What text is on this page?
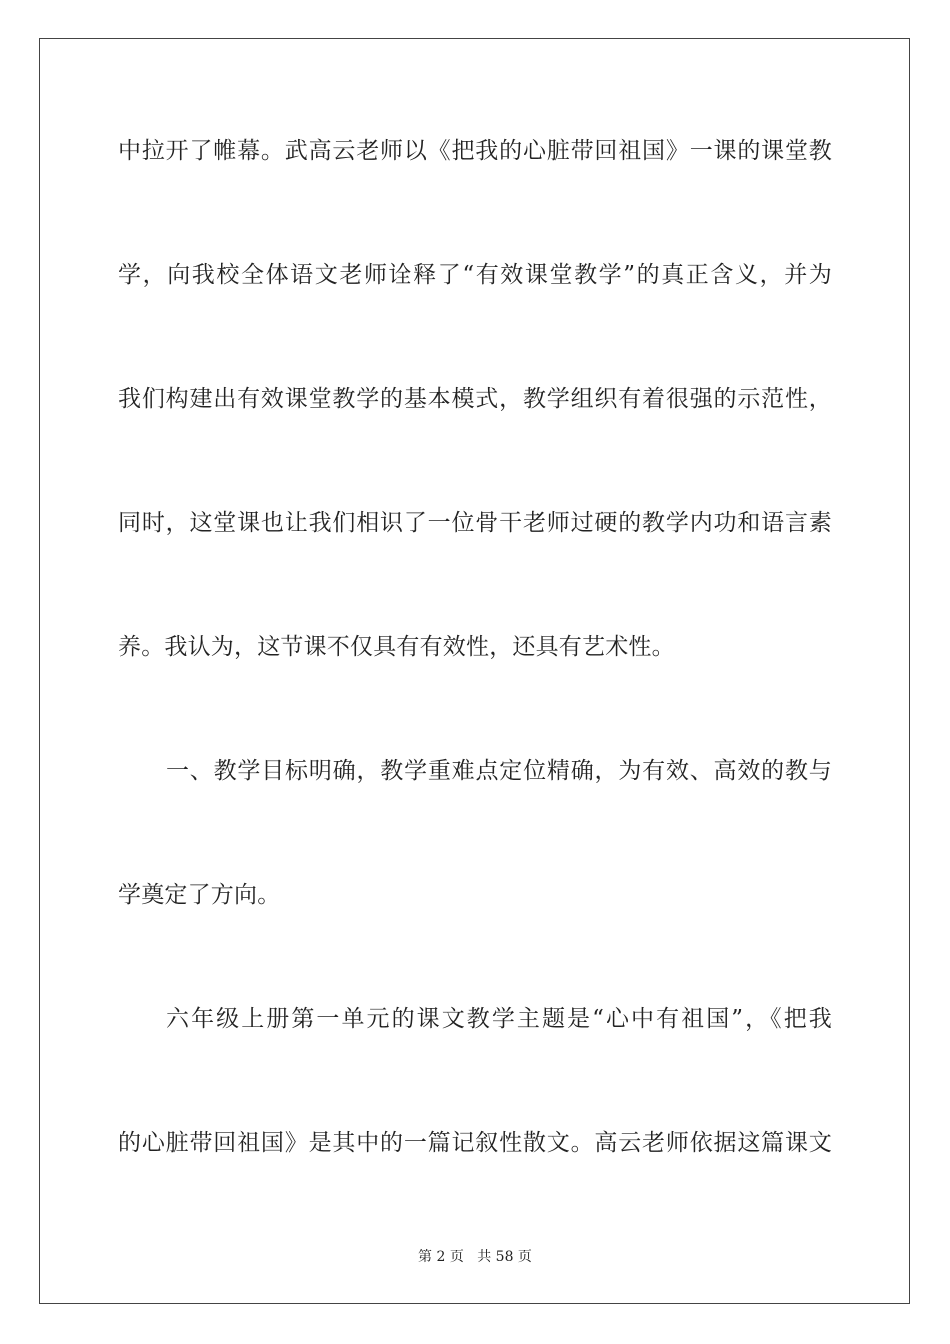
中拉开了帷幕。武高云老师以《把我的心脏带回祖国》一课的课堂教
学，向我校全体语文老师诠释了“有效课堂教学”的真正含义，并为
我们构建出有效课堂教学的基本模式，教学组织有着很强的示范性，
同时，这堂课也让我们相识了一位骨干老师过硬的教学内功和语言素
养。我认为，这节课不仅具有有效性，还具有艺术性。
一、教学目标明确，教学重难点定位精确，为有效、高效的教与
学奠定了方向。
六年级上册第一单元的课文教学主题是“心中有祖国”，《把我
的心脏带回祖国》是其中的一篇记叙性散文。高云老师依据这篇课文
第 2 页 共 58 页
